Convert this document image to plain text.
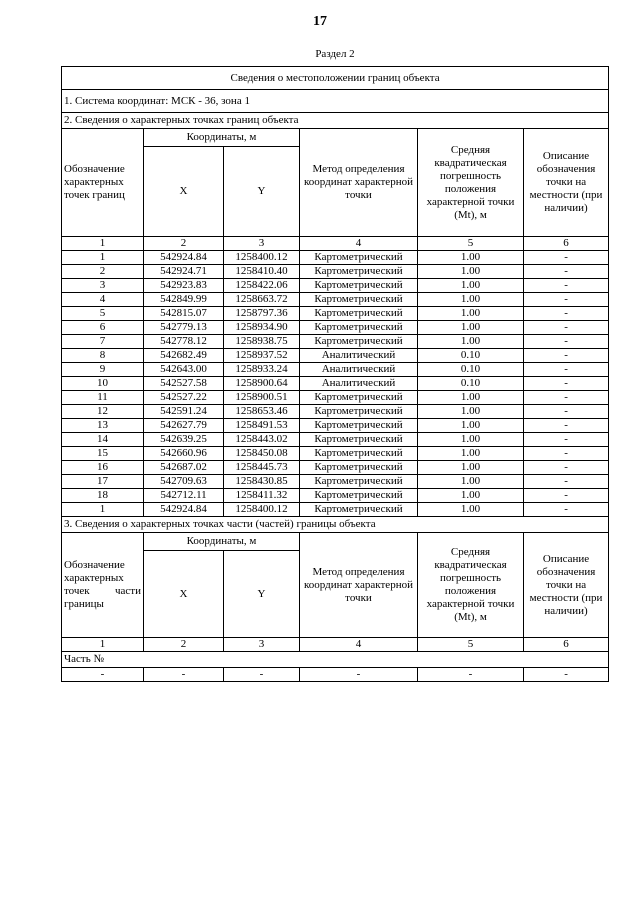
17
Раздел 2
Сведения о местоположении границ объекта					
1. Система координат: МСК - 36, зона 1					
2. Сведения о характерных точках границ объекта					
Обозначение характерных точек границ	Координаты, м		Метод определения координат характерной точки	Средняя квадратическая погрешность положения характерной точки (Mt), м	Описание обозначения точки на местности (при наличии)
	X	Y			
1	2	3	4	5	6
1	542924.84	1258400.12	Картометрический	1.00	-
2	542924.71	1258410.40	Картометрический	1.00	-
3	542923.83	1258422.06	Картометрический	1.00	-
4	542849.99	1258663.72	Картометрический	1.00	-
5	542815.07	1258797.36	Картометрический	1.00	-
6	542779.13	1258934.90	Картометрический	1.00	-
7	542778.12	1258938.75	Картометрический	1.00	-
8	542682.49	1258937.52	Аналитический	0.10	-
9	542643.00	1258933.24	Аналитический	0.10	-
10	542527.58	1258900.64	Аналитический	0.10	-
11	542527.22	1258900.51	Картометрический	1.00	-
12	542591.24	1258653.46	Картометрический	1.00	-
13	542627.79	1258491.53	Картометрический	1.00	-
14	542639.25	1258443.02	Картометрический	1.00	-
15	542660.96	1258450.08	Картометрический	1.00	-
16	542687.02	1258445.73	Картометрический	1.00	-
17	542709.63	1258430.85	Картометрический	1.00	-
18	542712.11	1258411.32	Картометрический	1.00	-
1	542924.84	1258400.12	Картометрический	1.00	-
3. Сведения о характерных точках части (частей) границы объекта					
Обозначение характерных точек части границы	Координаты, м		Метод определения координат характерной точки	Средняя квадратическая погрешность положения характерной точки (Mt), м	Описание обозначения точки на местности (при наличии)
	X	Y			
1	2	3	4	5	6
Часть №					
-	-	-	-	-	-
